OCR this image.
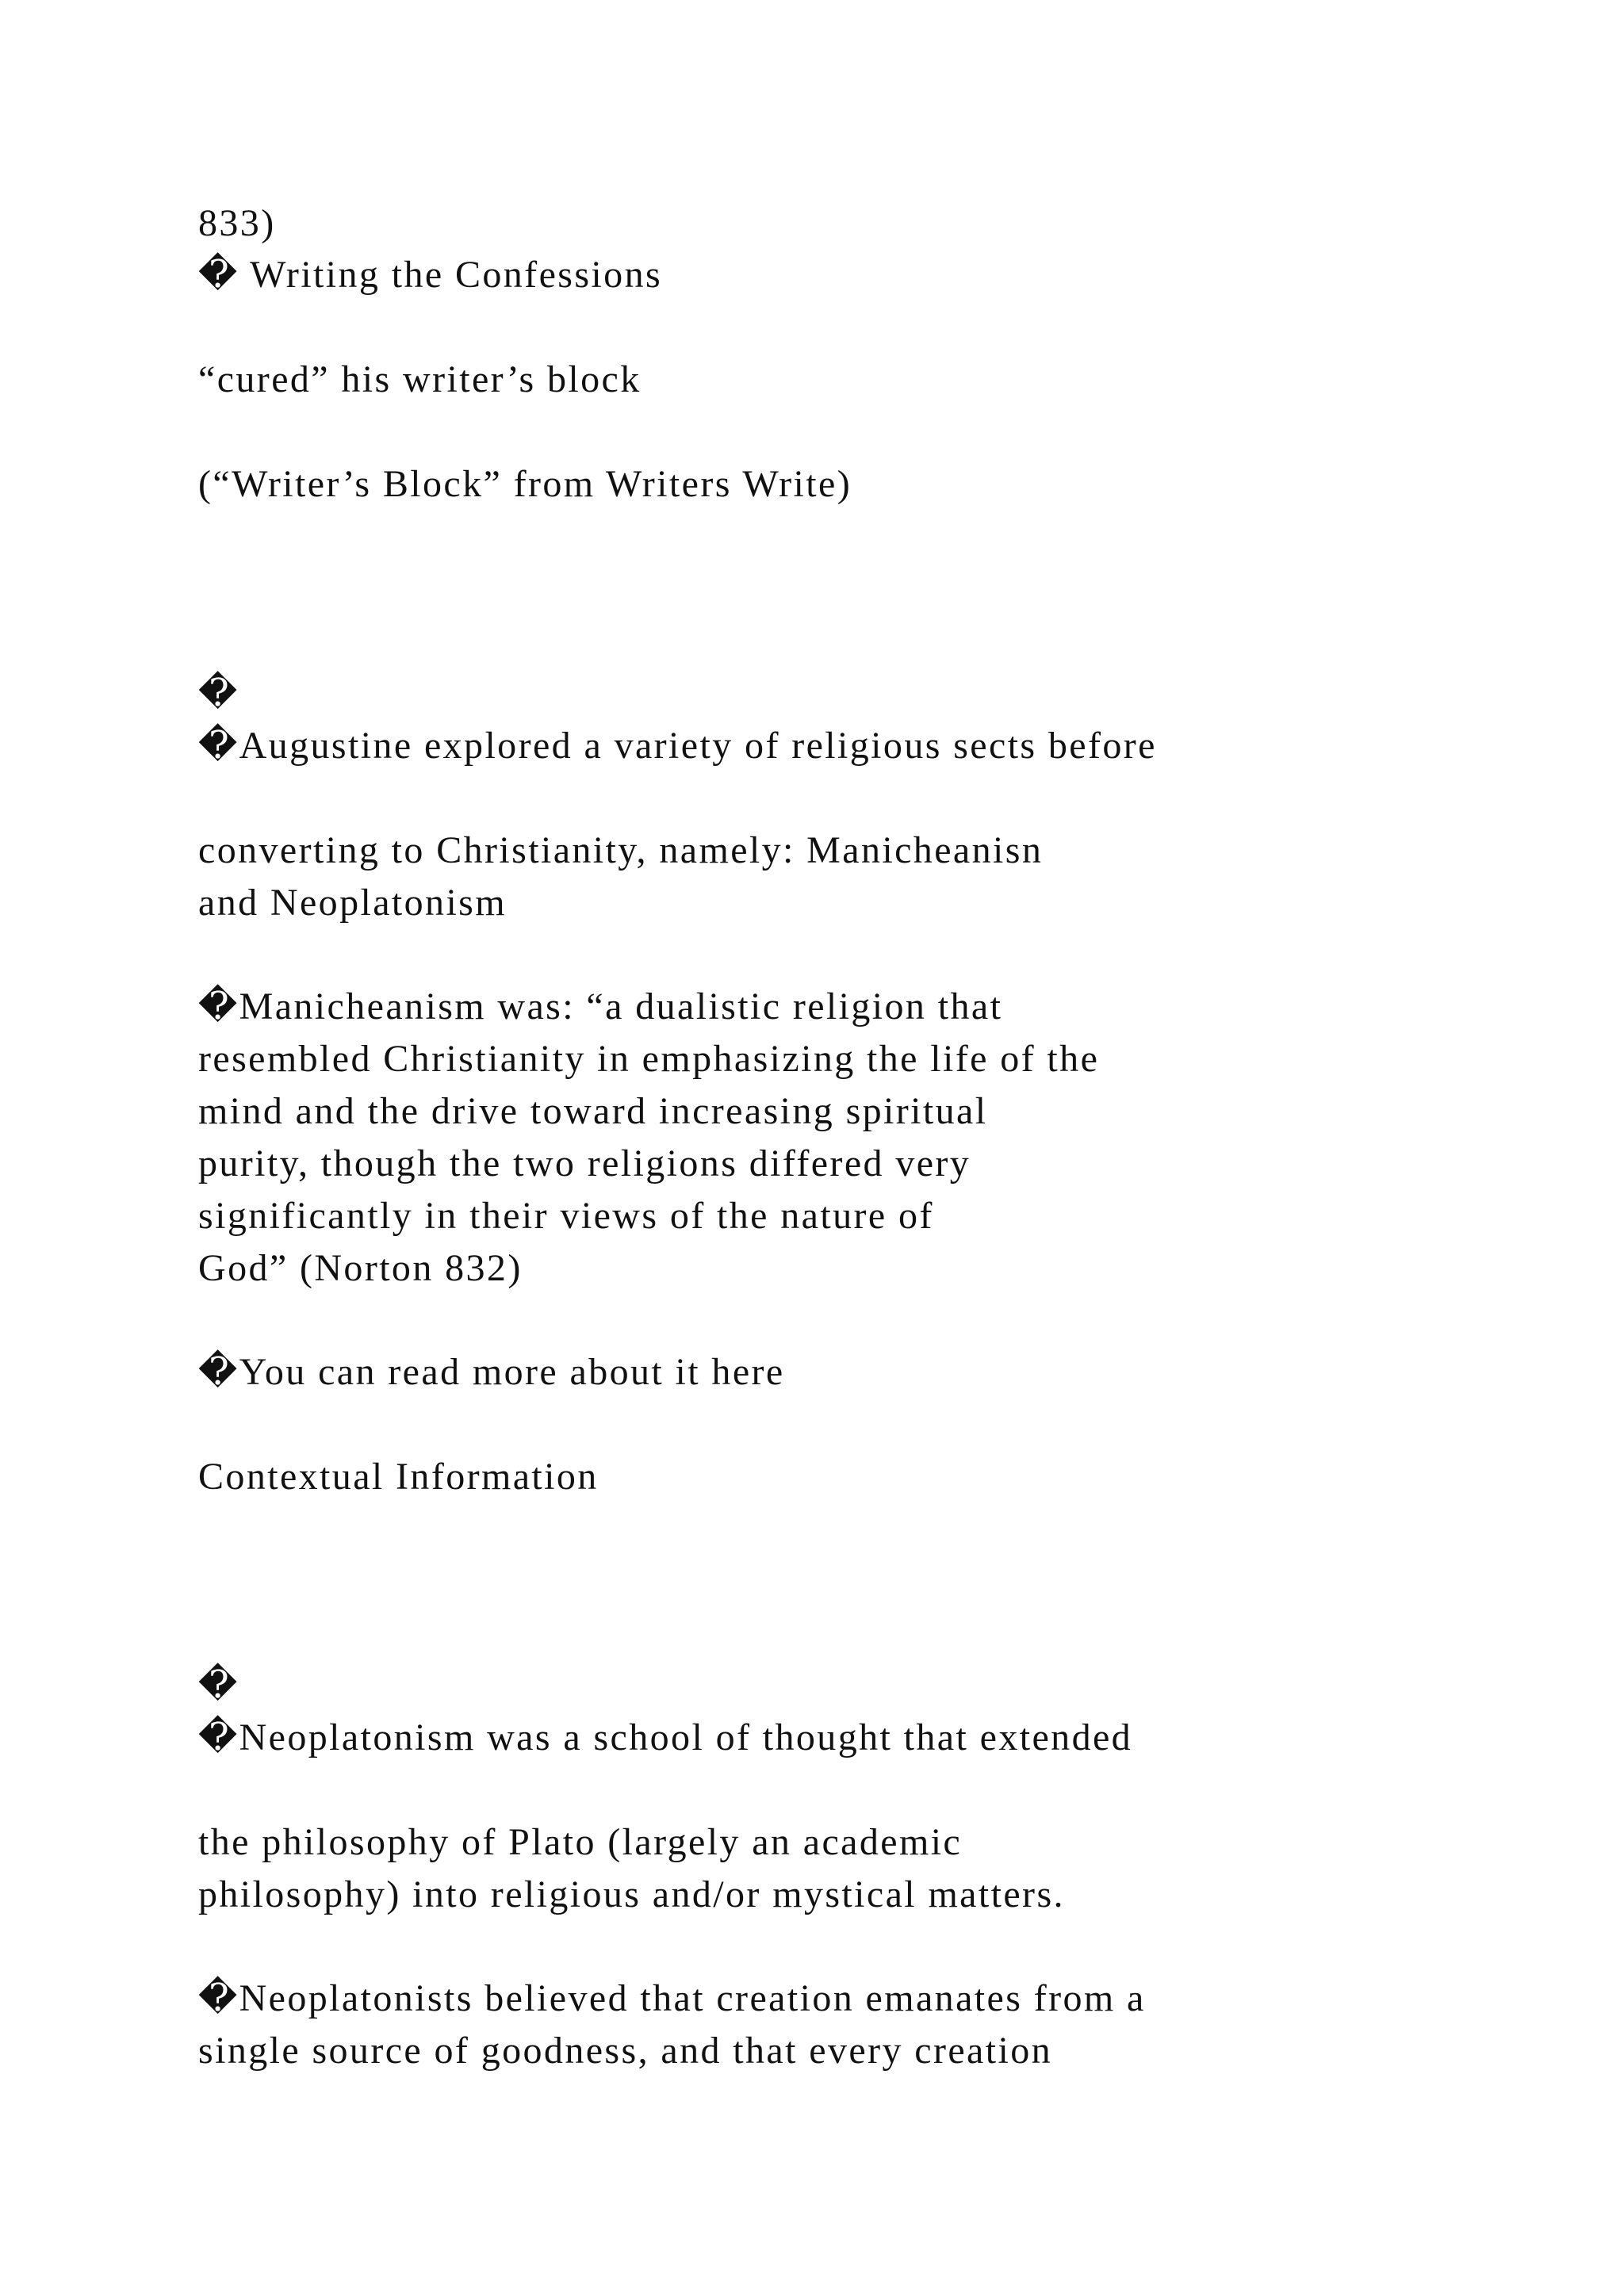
833)

� Writing the Confessions

“cured” his writer’s block

(“Writer’s Block” from Writers Write)

�

�Augustine explored a variety of religious sects before

converting to Christianity, namely: Manicheanisn

and Neoplatonism

�Manicheanism was: “a dualistic religion that

resembled Christianity in emphasizing the life of the

mind and the drive toward increasing spiritual

purity, though the two religions differed very

significantly in their views of the nature of

God” (Norton 832)

�You can read more about it here

Contextual Information

�

�Neoplatonism was a school of thought that extended

the philosophy of Plato (largely an academic

philosophy) into religious and/or mystical matters.

�Neoplatonists believed that creation emanates from a

single source of goodness, and that every creation
